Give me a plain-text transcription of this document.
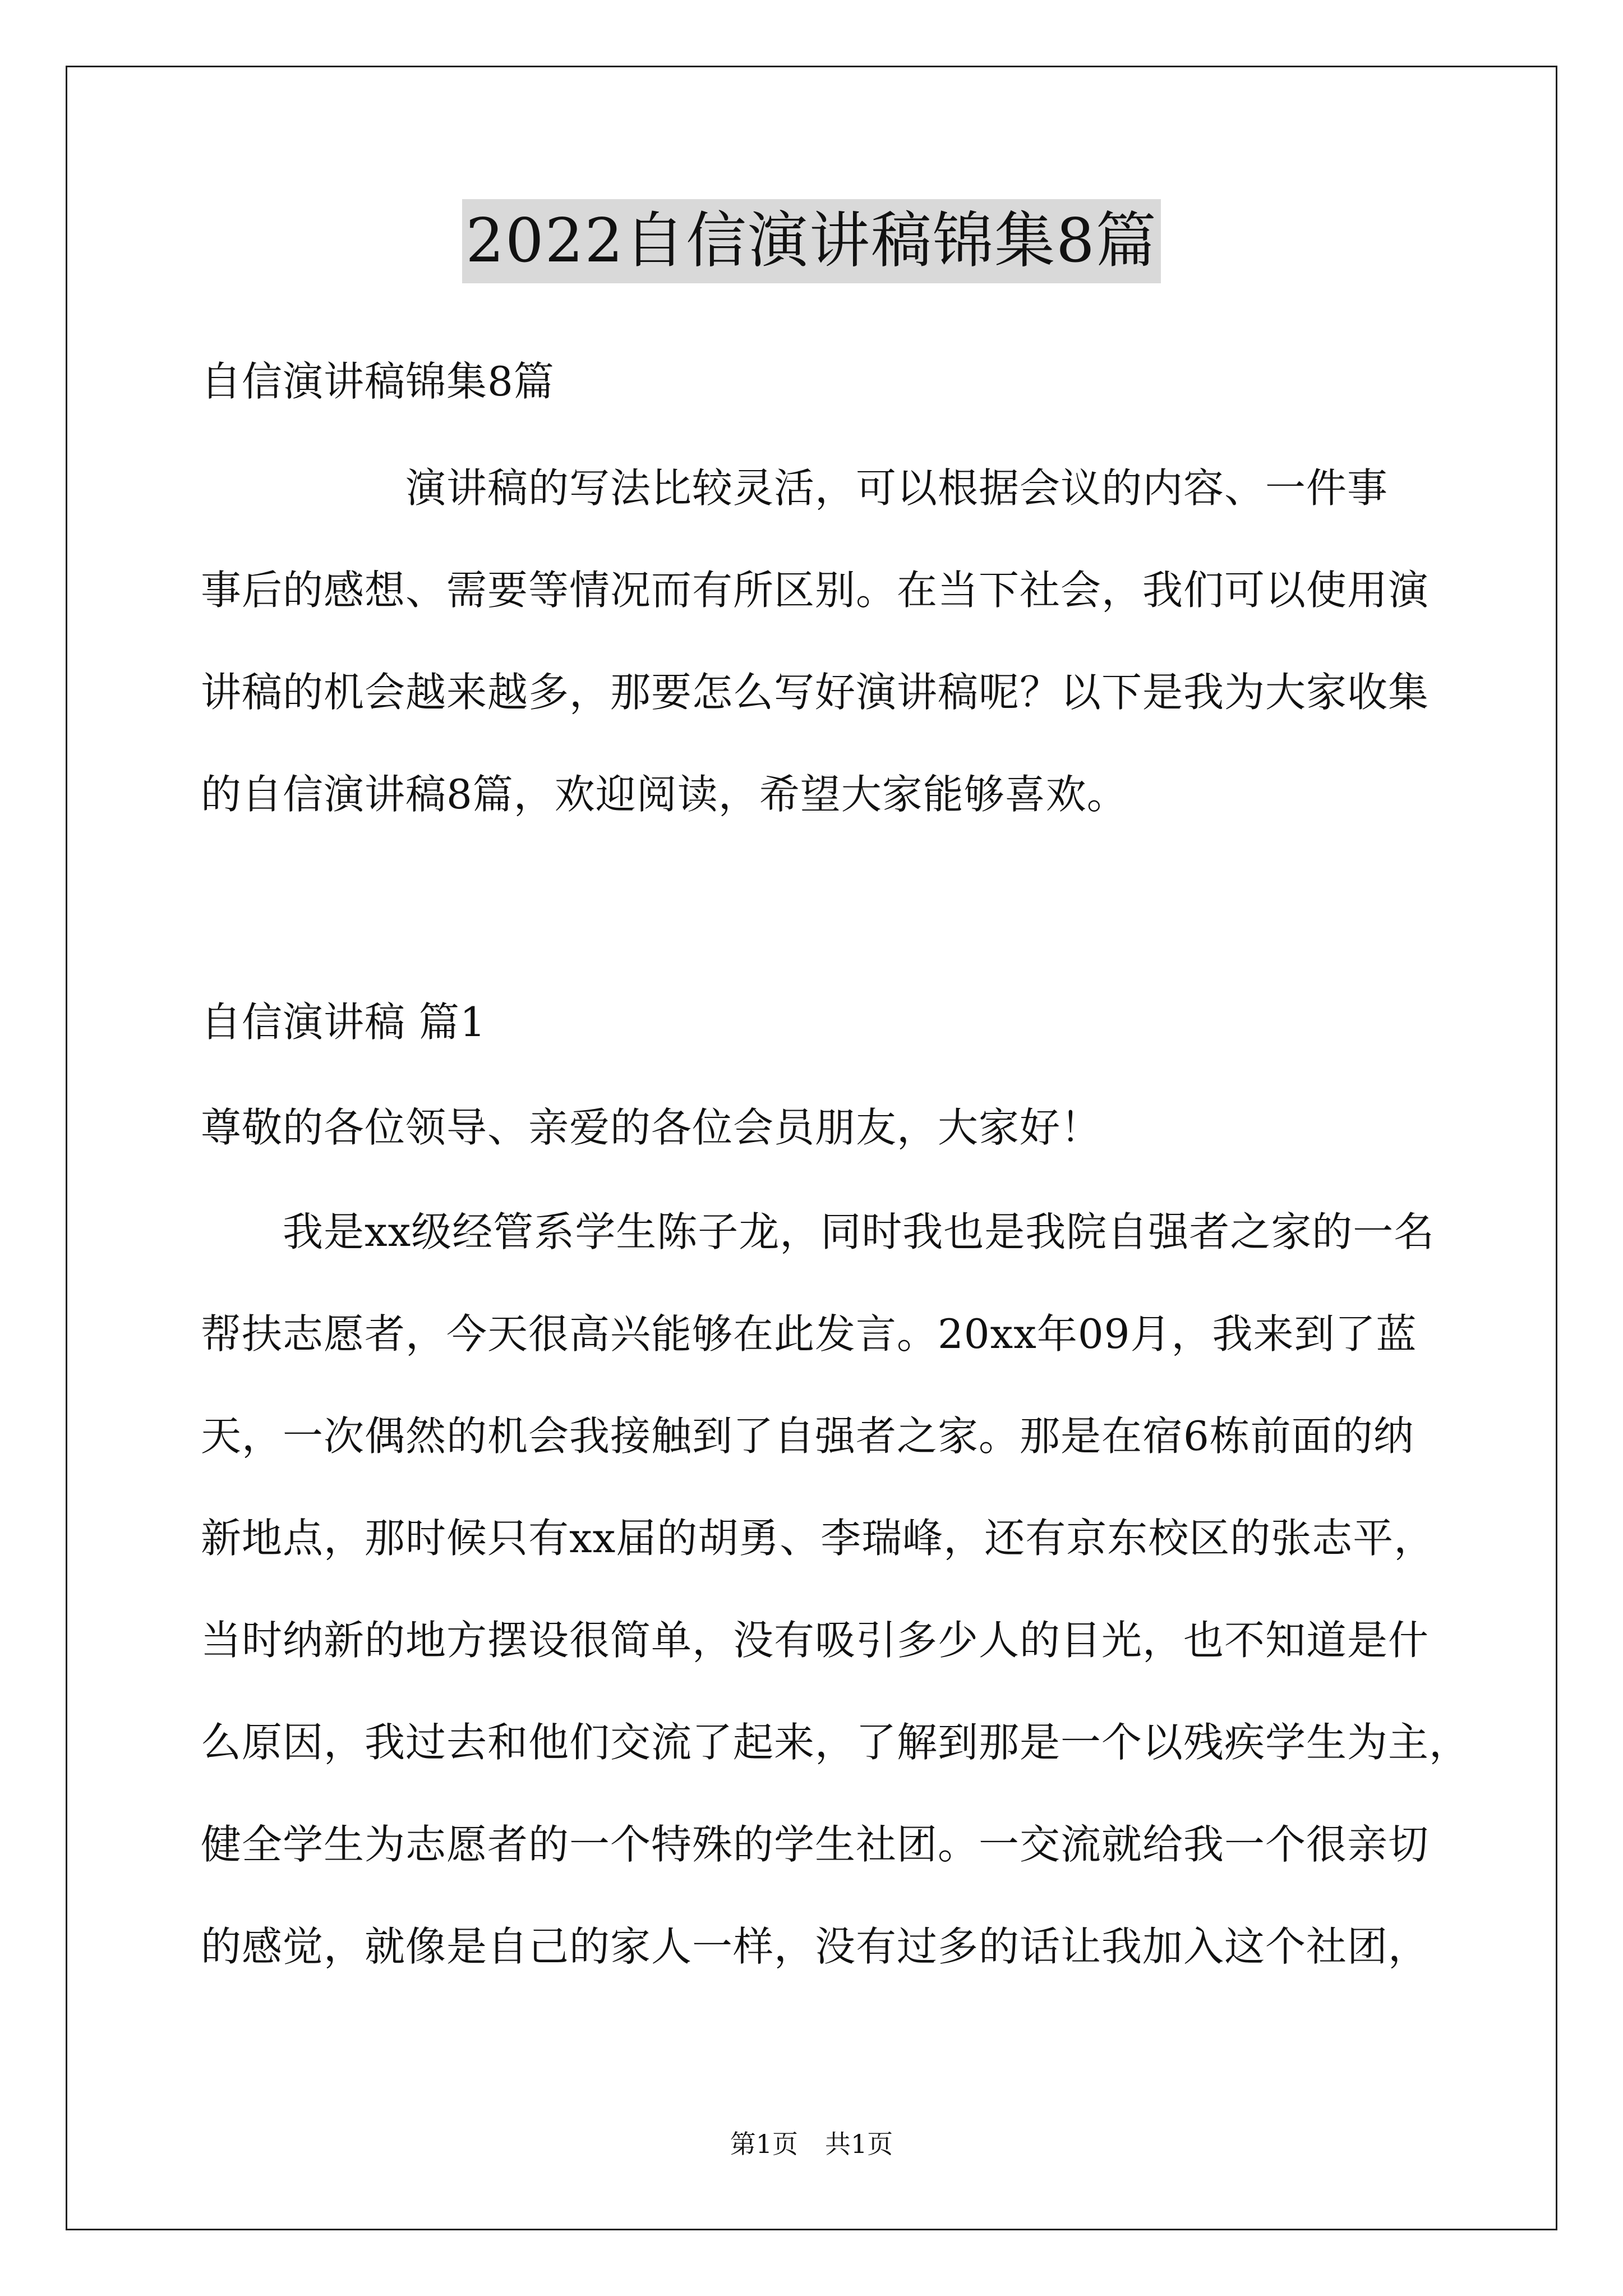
2022自信演讲稿锦集8篇
自信演讲稿锦集8篇
　　　　　演讲稿的写法比较灵活，可以根据会议的内容、一件事
事后的感想、需要等情况而有所区别。在当下社会，我们可以使用演
讲稿的机会越来越多，那要怎么写好演讲稿呢？以下是我为大家收集
的自信演讲稿8篇，欢迎阅读，希望大家能够喜欢。
自信演讲稿 篇1
尊敬的各位领导、亲爱的各位会员朋友，大家好！
　　我是xx级经管系学生陈子龙，同时我也是我院自强者之家的一名
帮扶志愿者，今天很高兴能够在此发言。20xx年09月，我来到了蓝
天，一次偶然的机会我接触到了自强者之家。那是在宿6栋前面的纳
新地点，那时候只有xx届的胡勇、李瑞峰，还有京东校区的张志平，
当时纳新的地方摆设很简单，没有吸引多少人的目光，也不知道是什
么原因，我过去和他们交流了起来，了解到那是一个以残疾学生为主，
健全学生为志愿者的一个特殊的学生社团。一交流就给我一个很亲切
的感觉，就像是自己的家人一样，没有过多的话让我加入这个社团，
第1页 共1页
